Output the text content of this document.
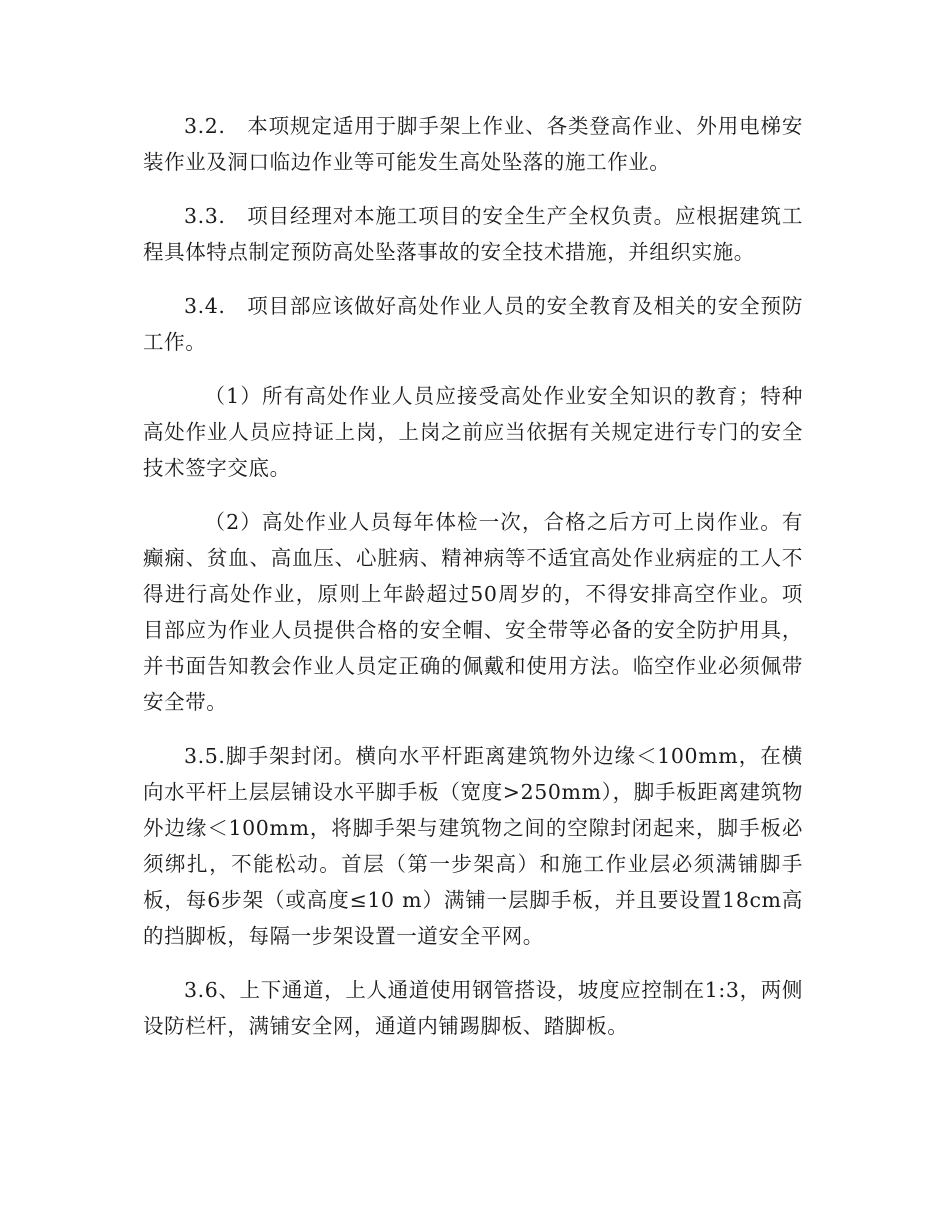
3.2.　本项规定适用于脚手架上作业、各类登高作业、外用电梯安装作业及洞口临边作业等可能发生高处坠落的施工作业。

3.3.　项目经理对本施工项目的安全生产全权负责。应根据建筑工程具体特点制定预防高处坠落事故的安全技术措施，并组织实施。

3.4.　项目部应该做好高处作业人员的安全教育及相关的安全预防工作。

（1）所有高处作业人员应接受高处作业安全知识的教育；特种高处作业人员应持证上岗，上岗之前应当依据有关规定进行专门的安全技术签字交底。

（2）高处作业人员每年体检一次，合格之后方可上岗作业。有癫痫、贫血、高血压、心脏病、精神病等不适宜高处作业病症的工人不得进行高处作业，原则上年龄超过50周岁的，不得安排高空作业。项目部应为作业人员提供合格的安全帽、安全带等必备的安全防护用具，并书面告知教会作业人员定正确的佩戴和使用方法。临空作业必须佩带安全带。

3.5.脚手架封闭。横向水平杆距离建筑物外边缘＜100mm，在横向水平杆上层层铺设水平脚手板（宽度>250mm），脚手板距离建筑物外边缘＜100mm，将脚手架与建筑物之间的空隙封闭起来，脚手板必须绑扎，不能松动。首层（第一步架高）和施工作业层必须满铺脚手板，每6步架（或高度≤10 m）满铺一层脚手板，并且要设置18cm高的挡脚板，每隔一步架设置一道安全平网。

3.6、上下通道，上人通道使用钢管搭设，坡度应控制在1:3，两侧设防栏杆，满铺安全网，通道内铺踢脚板、踏脚板。
